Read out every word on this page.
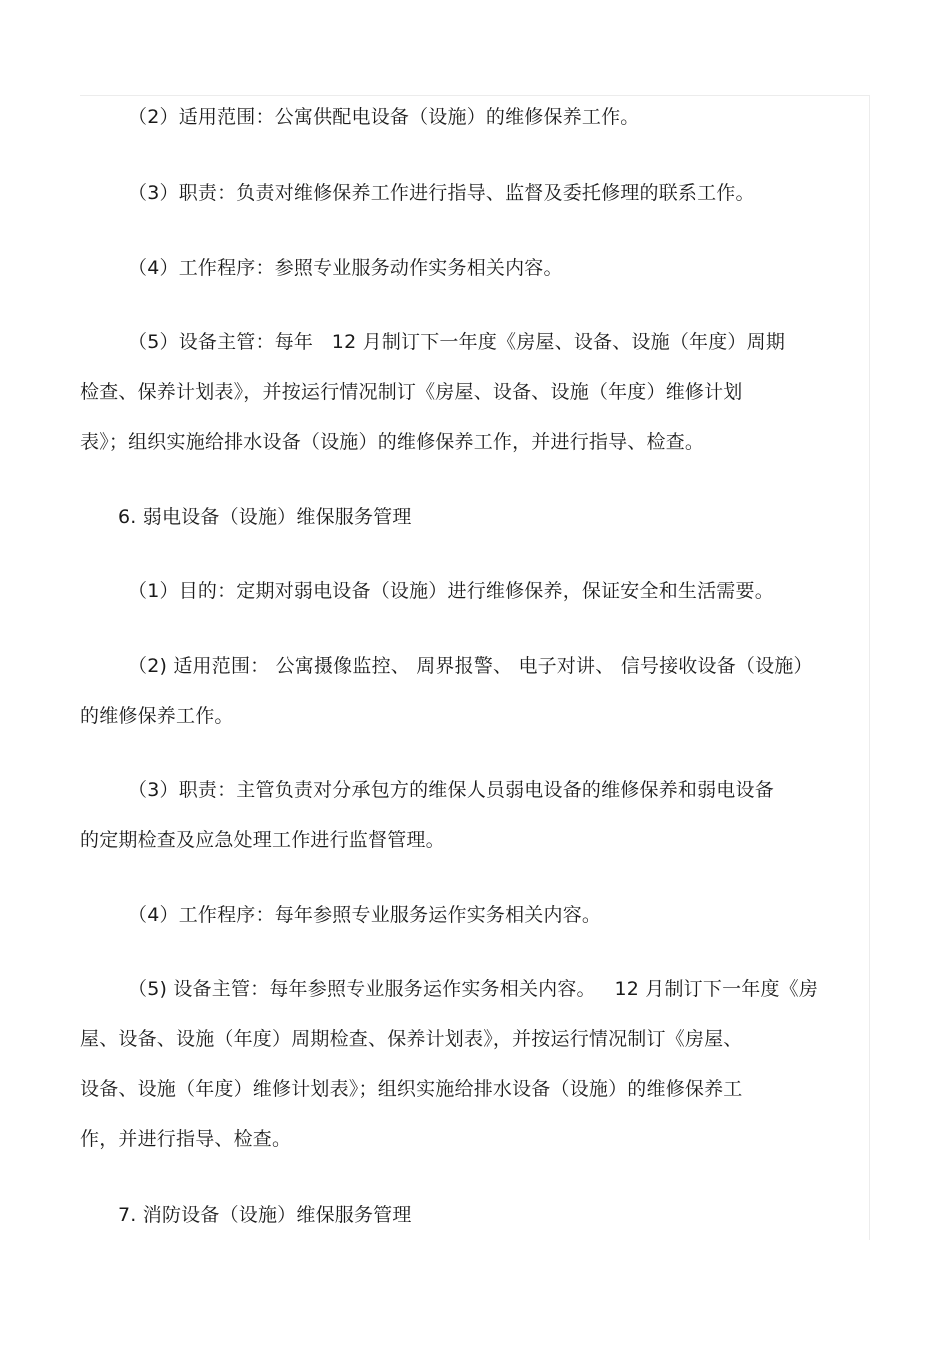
（2）适用范围：公寓供配电设备（设施）的维修保养工作。
（3）职责：负责对维修保养工作进行指导、监督及委托修理的联系工作。
（4）工作程序：参照专业服务动作实务相关内容。
（5）设备主管：每年   12 月制订下一年度《房屋、设备、设施（年度）周期
检查、保养计划表》，并按运行情况制订《房屋、设备、设施（年度）维修计划
表》；组织实施给排水设备（设施）的维修保养工作，并进行指导、检查。
6. 弱电设备（设施）维保服务管理
（1）目的：定期对弱电设备（设施）进行维修保养，保证安全和生活需要。
（2) 适用范围： 公寓摄像监控、 周界报警、 电子对讲、 信号接收设备（设施）
的维修保养工作。
（3）职责：主管负责对分承包方的维保人员弱电设备的维修保养和弱电设备
的定期检查及应急处理工作进行监督管理。
（4）工作程序：每年参照专业服务运作实务相关内容。
（5) 设备主管：每年参照专业服务运作实务相关内容。   12 月制订下一年度《房
屋、设备、设施（年度）周期检查、保养计划表》，并按运行情况制订《房屋、
设备、设施（年度）维修计划表》；组织实施给排水设备（设施）的维修保养工
作，并进行指导、检查。
7. 消防设备（设施）维保服务管理
